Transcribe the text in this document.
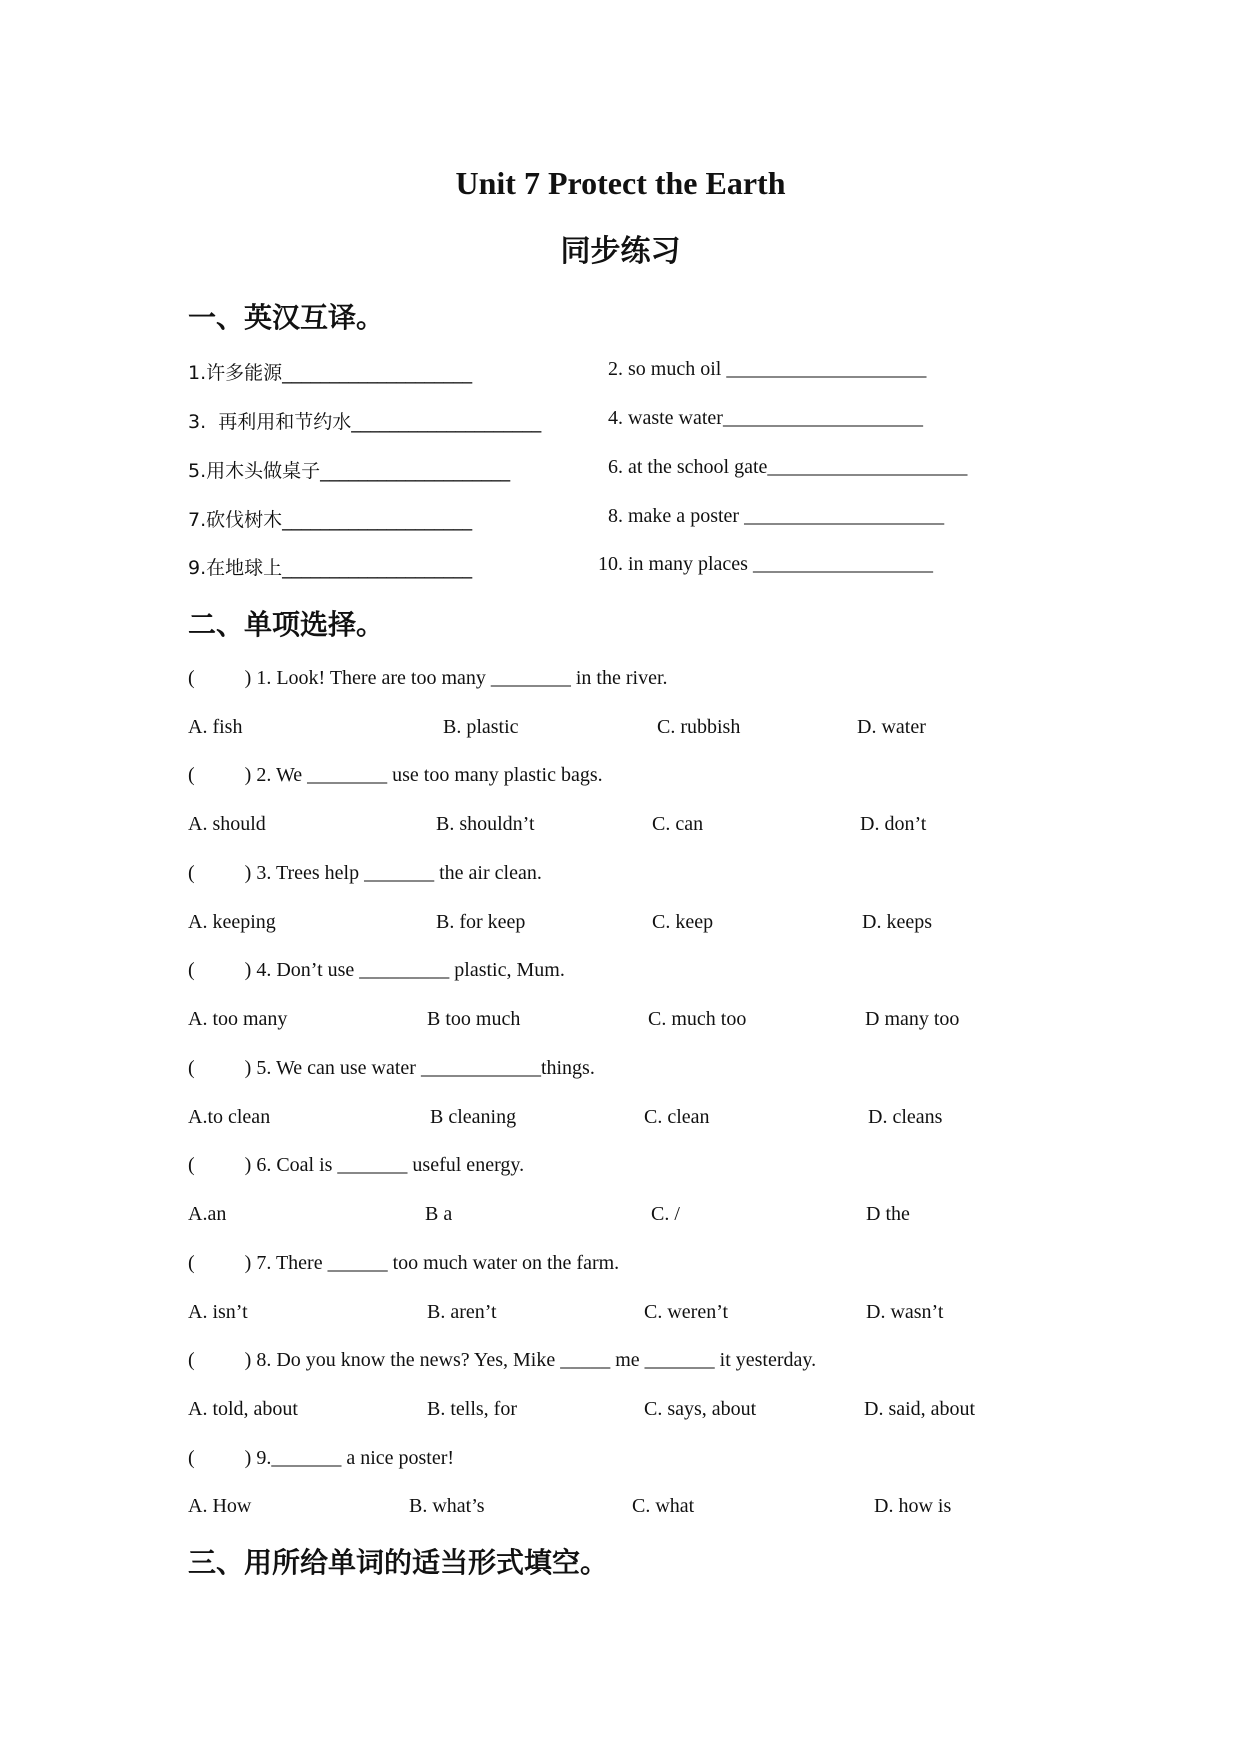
Unit 7 Protect the Earth
同步练习
一、英汉互译。
1.许多能源____________________	2. so much oil ____________________
3.  再利用和节约水____________________	4. waste water____________________
5.用木头做桌子____________________	6. at the school gate____________________
7.砍伐树木____________________	8. make a poster ____________________
9.在地球上____________________	10. in many places __________________
二、单项选择。
(          ) 1. Look! There are too many ________ in the river.
A. fish	B. plastic	C. rubbish	D. water
(          ) 2. We ________ use too many plastic bags.
A. should	B. shouldn’t	C. can	D. don’t
(          ) 3. Trees help _______ the air clean.
A. keeping	B. for keep	C. keep	D. keeps
(          ) 4. Don’t use _________ plastic, Mum.
A. too many	B too much	C. much too	D many too
(          ) 5. We can use water ____________things.
A.to clean	B cleaning	C. clean	D. cleans
(          ) 6. Coal is _______ useful energy.
A.an	B a	C. /	D the
(          ) 7. There ______ too much water on the farm.
A. isn’t	B. aren’t	C. weren’t	D. wasn’t
(          ) 8. Do you know the news? Yes, Mike _____ me _______ it yesterday.
A. told, about	B. tells, for	C. says, about	D. said, about
(          ) 9._______ a nice poster!
A. How	B. what’s	C. what	D. how is
三、用所给单词的适当形式填空。
